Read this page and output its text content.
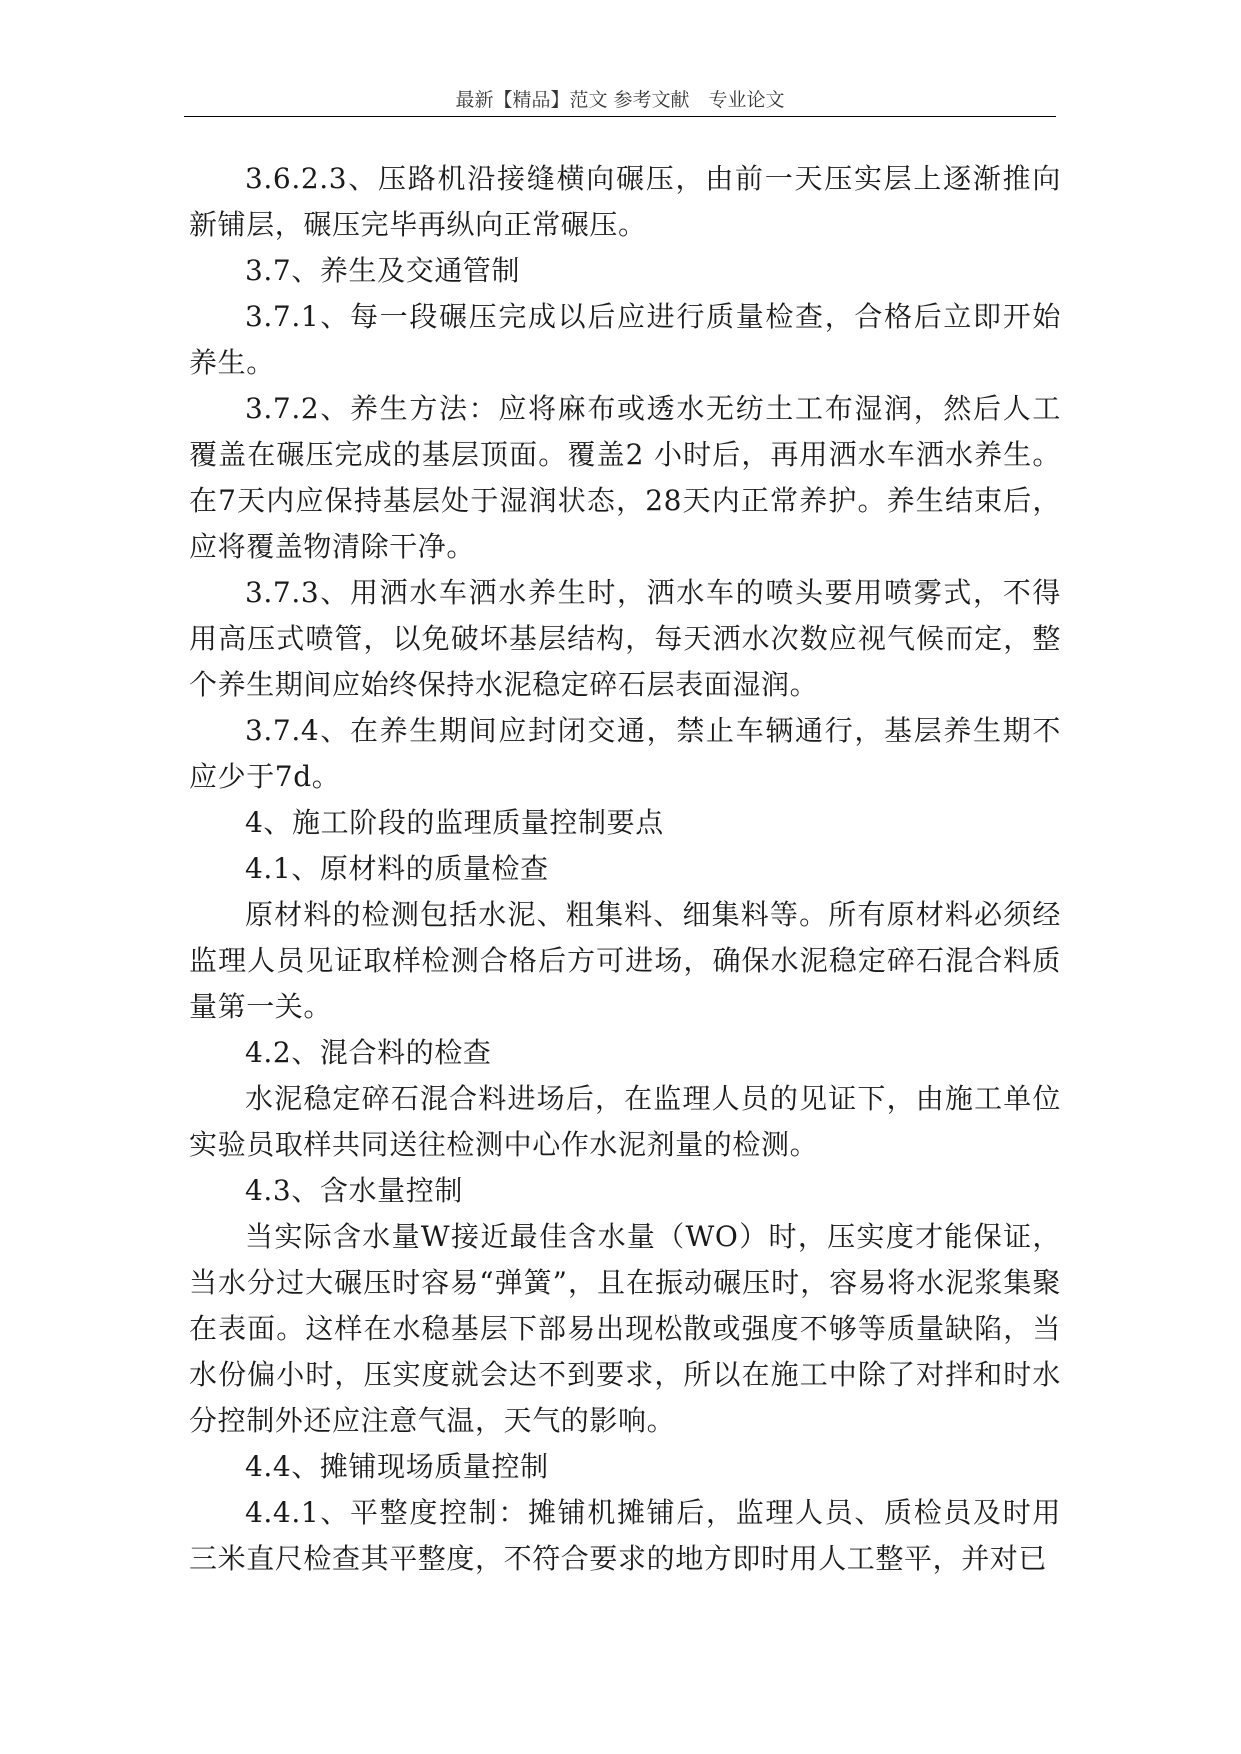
最新【精品】范文 参考文献　专业论文

3.6.2.3、压路机沿接缝横向碾压，由前一天压实层上逐渐推向新铺层，碾压完毕再纵向正常碾压。

3.7、养生及交通管制

3.7.1、每一段碾压完成以后应进行质量检查，合格后立即开始养生。

3.7.2、养生方法：应将麻布或透水无纺土工布湿润，然后人工覆盖在碾压完成的基层顶面。覆盖2 小时后，再用洒水车洒水养生。在7天内应保持基层处于湿润状态，28天内正常养护。养生结束后，应将覆盖物清除干净。

3.7.3、用洒水车洒水养生时，洒水车的喷头要用喷雾式，不得用高压式喷管，以免破坏基层结构，每天洒水次数应视气候而定，整个养生期间应始终保持水泥稳定碎石层表面湿润。

3.7.4、在养生期间应封闭交通，禁止车辆通行，基层养生期不应少于7d。

4、施工阶段的监理质量控制要点

4.1、原材料的质量检查

原材料的检测包括水泥、粗集料、细集料等。所有原材料必须经监理人员见证取样检测合格后方可进场，确保水泥稳定碎石混合料质量第一关。

4.2、混合料的检查

水泥稳定碎石混合料进场后，在监理人员的见证下，由施工单位实验员取样共同送往检测中心作水泥剂量的检测。

4.3、含水量控制

当实际含水量W接近最佳含水量（WO）时，压实度才能保证，当水分过大碾压时容易“弹簧”，且在振动碾压时，容易将水泥浆集聚在表面。这样在水稳基层下部易出现松散或强度不够等质量缺陷，当水份偏小时，压实度就会达不到要求，所以在施工中除了对拌和时水分控制外还应注意气温，天气的影响。

4.4、摊铺现场质量控制

4.4.1、平整度控制：摊铺机摊铺后，监理人员、质检员及时用三米直尺检查其平整度，不符合要求的地方即时用人工整平，并对已
